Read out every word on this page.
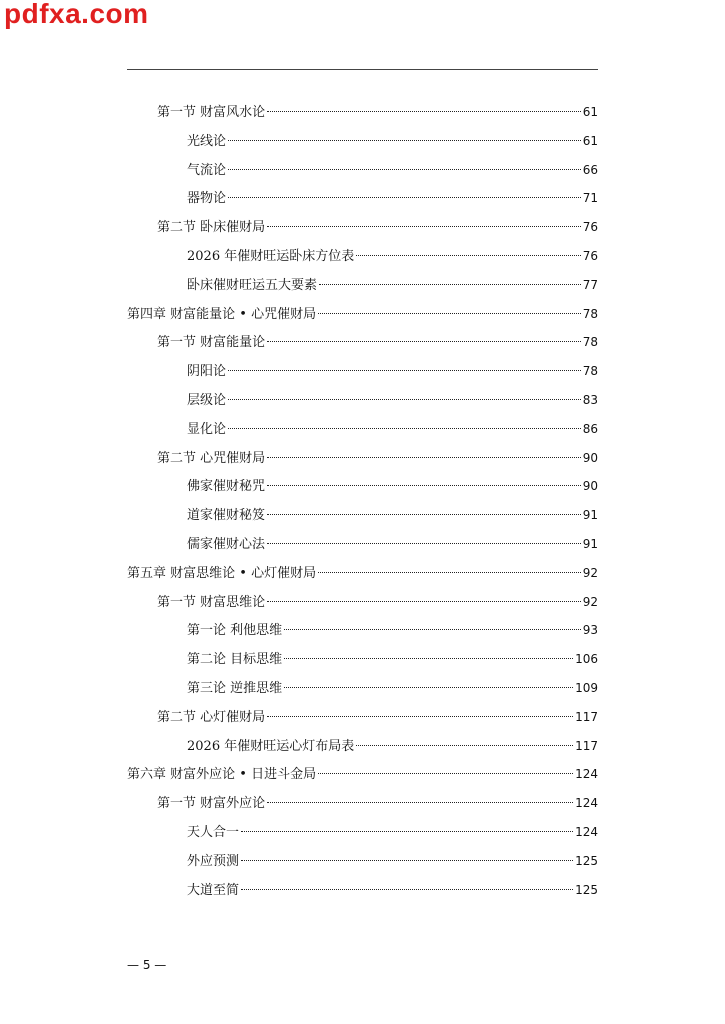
pdfxa.com
第一节 财富风水论	61
光线论	61
气流论	66
器物论	71
第二节 卧床催财局	76
2026 年催财旺运卧床方位表	76
卧床催财旺运五大要素	77
第四章 财富能量论 • 心咒催财局	78
第一节 财富能量论	78
阴阳论	78
层级论	83
显化论	86
第二节 心咒催财局	90
佛家催财秘咒	90
道家催财秘笈	91
儒家催财心法	91
第五章 财富思维论 • 心灯催财局	92
第一节 财富思维论	92
第一论 利他思维	93
第二论 目标思维	106
第三论 逆推思维	109
第二节 心灯催财局	117
2026 年催财旺运心灯布局表	117
第六章 财富外应论 • 日进斗金局	124
第一节 财富外应论	124
天人合一	124
外应预测	125
大道至简	125
— 5 —
